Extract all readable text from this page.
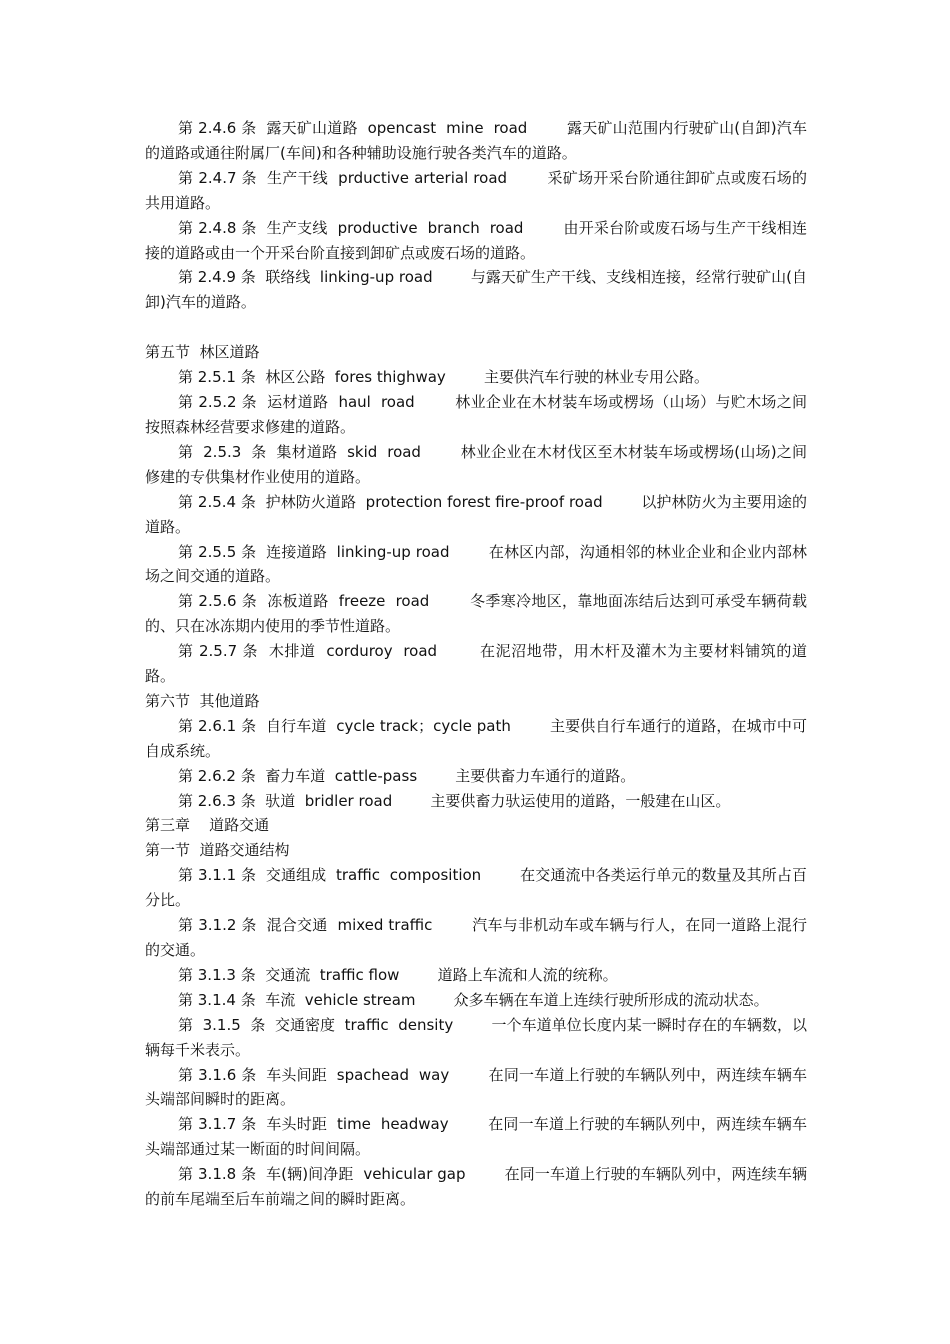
第 2.4.6 条  露天矿山道路  opencast  mine  road        露天矿山范围内行驶矿山(自卸)汽车的道路或通往附属厂(车间)和各种辅助设施行驶各类汽车的道路。

第 2.4.7 条  生产干线  prductive arterial road        采矿场开采台阶通往卸矿点或废石场的共用道路。

第 2.4.8 条  生产支线  productive  branch  road        由开采台阶或废石场与生产干线相连接的道路或由一个开采台阶直接到卸矿点或废石场的道路。

第 2.4.9 条  联络线  linking-up road        与露天矿生产干线、支线相连接，经常行驶矿山(自卸)汽车的道路。

第五节  林区道路

第 2.5.1 条  林区公路  fores thighway        主要供汽车行驶的林业专用公路。

第 2.5.2 条  运材道路  haul  road        林业企业在木材装车场或楞场（山场）与贮木场之间按照森林经营要求修建的道路。

第  2.5.3  条  集材道路  skid  road        林业企业在木材伐区至木材装车场或楞场(山场)之间修建的专供集材作业使用的道路。

第 2.5.4 条  护林防火道路  protection forest fire-proof road        以护林防火为主要用途的道路。

第 2.5.5 条  连接道路  linking-up road        在林区内部，沟通相邻的林业企业和企业内部林场之间交通的道路。

第 2.5.6 条  冻板道路  freeze  road        冬季寒冷地区，靠地面冻结后达到可承受车辆荷载的、只在冰冻期内使用的季节性道路。

第 2.5.7 条  木排道  corduroy  road        在泥沼地带，用木杆及灌木为主要材料铺筑的道路。

第六节  其他道路

第 2.6.1 条  自行车道  cycle track；cycle path        主要供自行车通行的道路，在城市中可自成系统。

第 2.6.2 条  畜力车道  cattle-pass        主要供畜力车通行的道路。

第 2.6.3 条  驮道  bridler road        主要供畜力驮运使用的道路，一般建在山区。

第三章    道路交通

第一节  道路交通结构

第 3.1.1 条  交通组成  traffic  composition        在交通流中各类运行单元的数量及其所占百分比。

第 3.1.2 条  混合交通  mixed traffic        汽车与非机动车或车辆与行人，在同一道路上混行的交通。

第 3.1.3 条  交通流  traffic flow        道路上车流和人流的统称。

第 3.1.4 条  车流  vehicle stream        众多车辆在车道上连续行驶所形成的流动状态。

第  3.1.5  条  交通密度  traffic  density        一个车道单位长度内某一瞬时存在的车辆数，以辆每千米表示。

第 3.1.6 条  车头间距  spachead  way        在同一车道上行驶的车辆队列中，两连续车辆车头端部间瞬时的距离。

第 3.1.7 条  车头时距  time  headway        在同一车道上行驶的车辆队列中，两连续车辆车头端部通过某一断面的时间间隔。

第 3.1.8 条  车(辆)间净距  vehicular gap        在同一车道上行驶的车辆队列中，两连续车辆的前车尾端至后车前端之间的瞬时距离。
